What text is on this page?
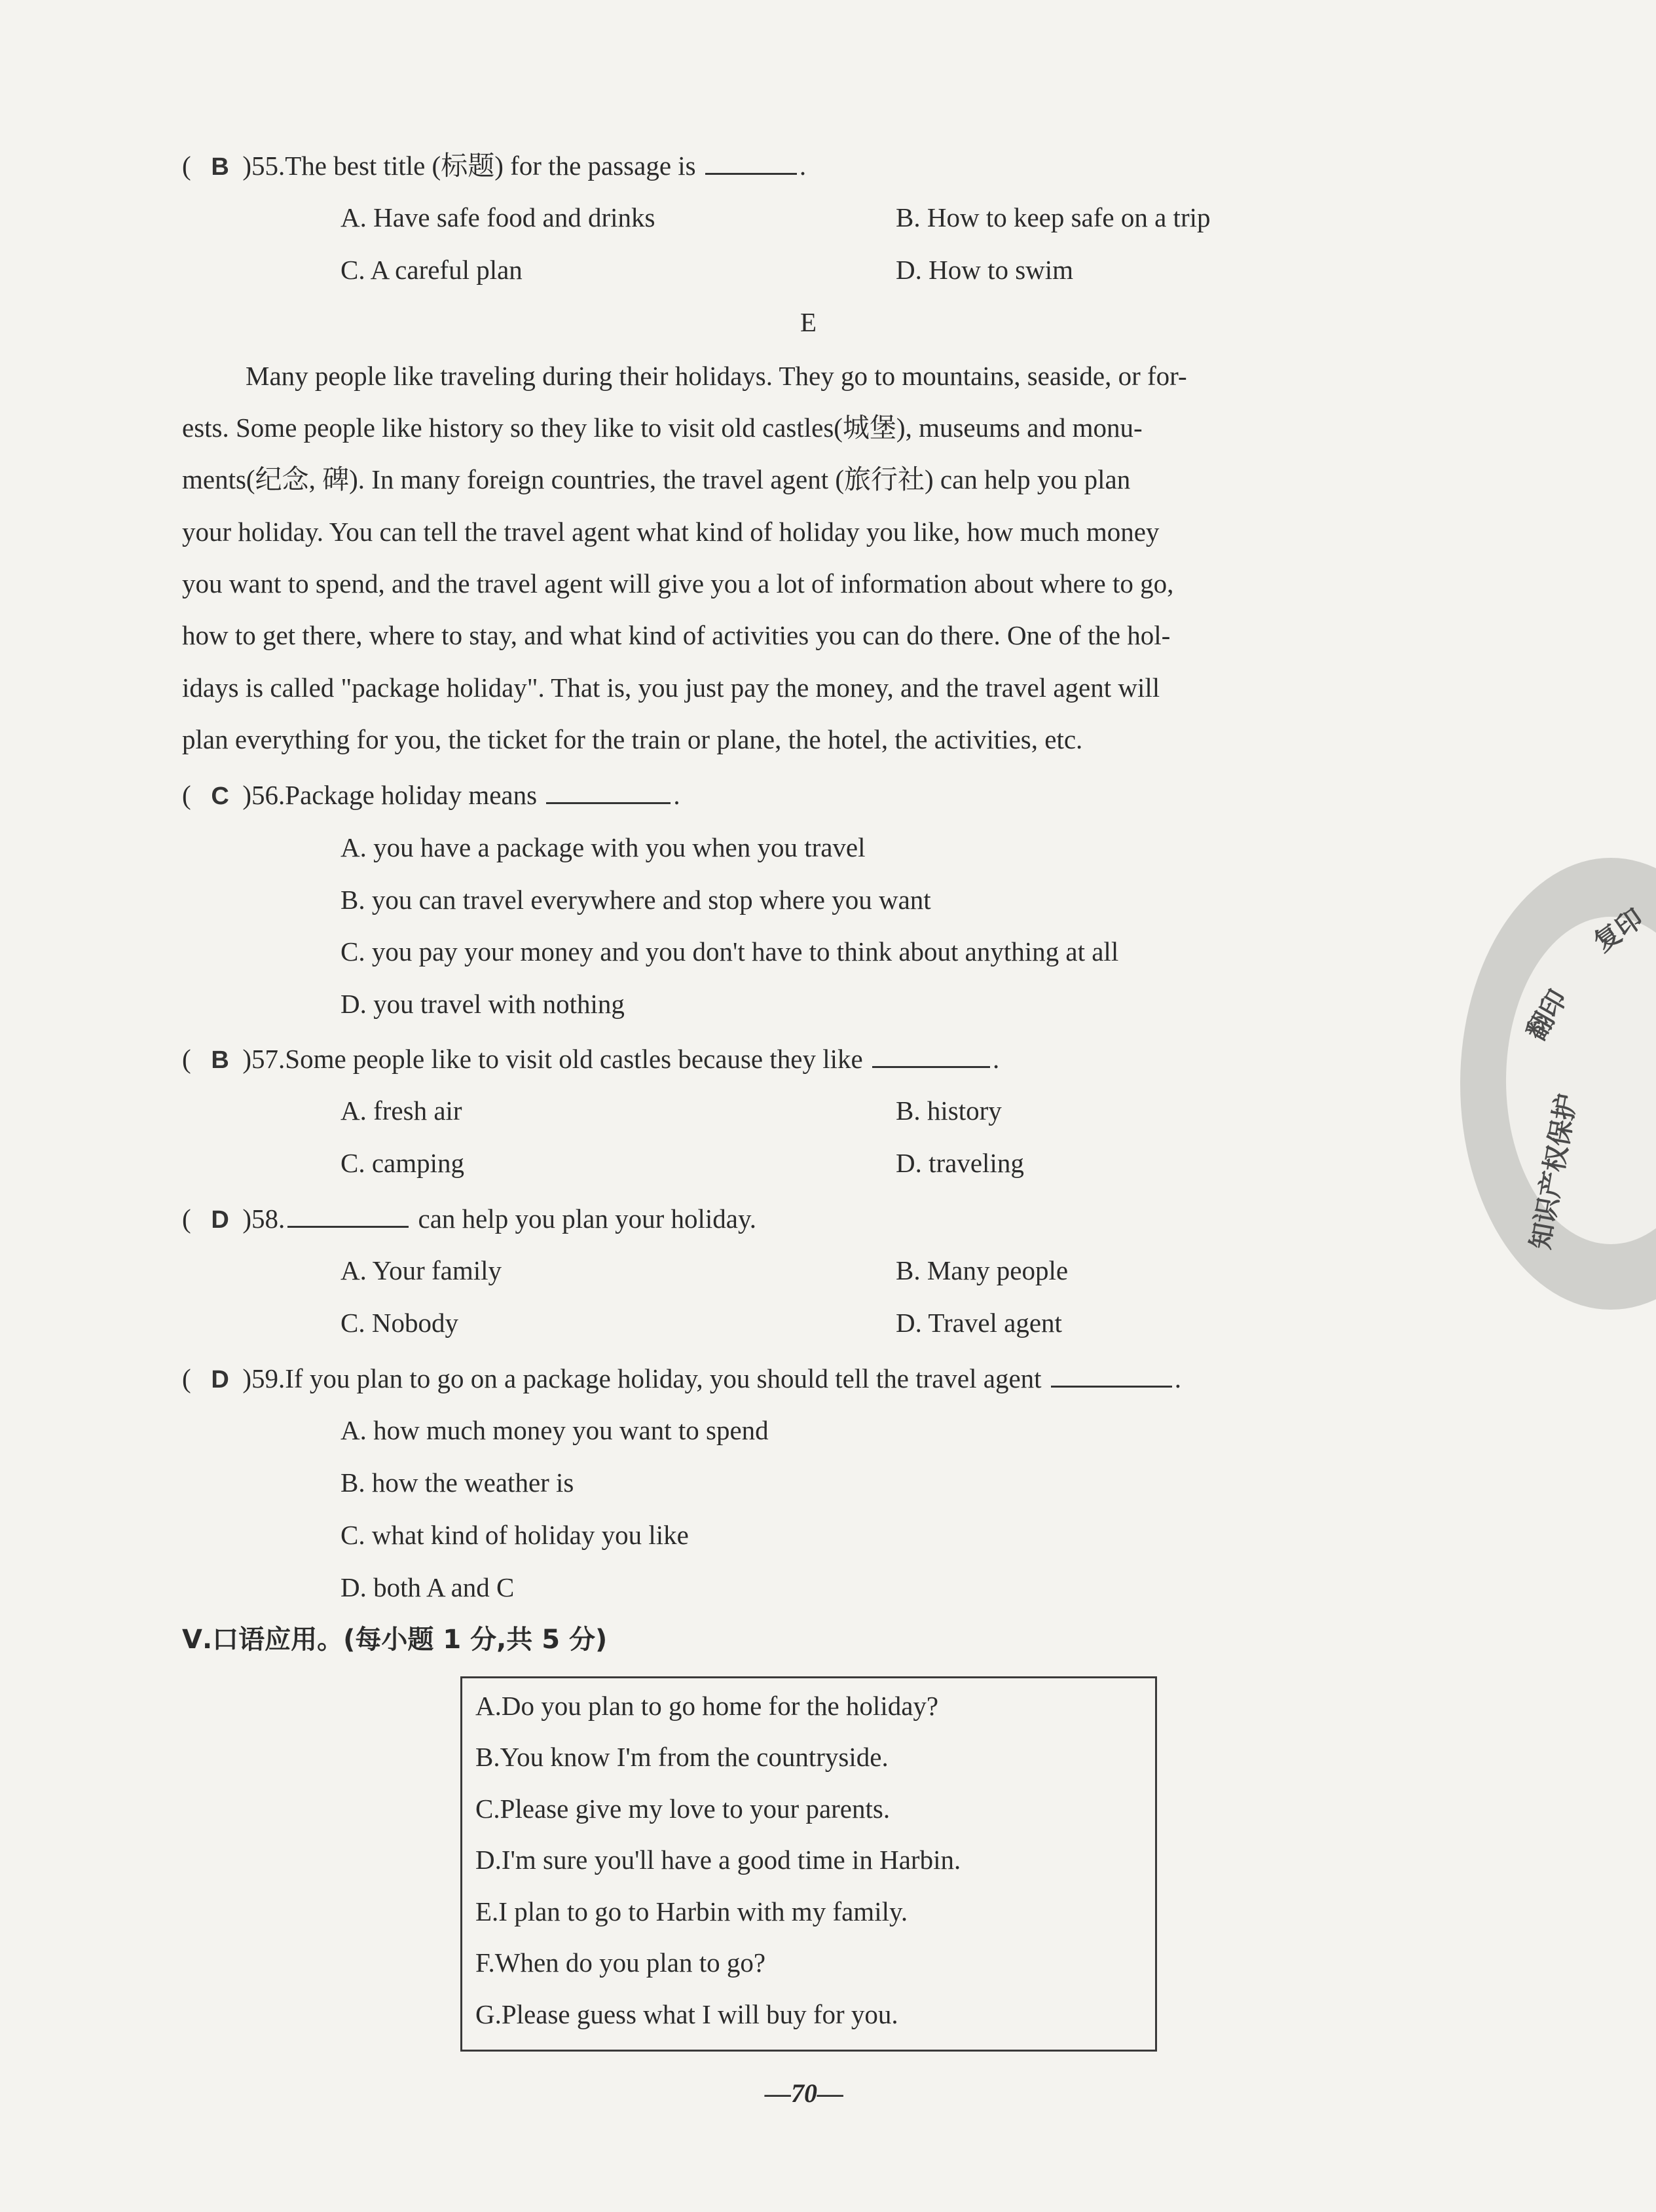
复印
翻印
知识产权保护
( B )55.The best title (标题) for the passage is	.
A. Have safe food and drinks	B. How to keep safe on a trip
C. A careful plan	D. How to swim
E
Many people like traveling during their holidays. They go to mountains, seaside, or for-
ests. Some people like history so they like to visit old castles(城堡), museums and monu-
ments(纪念, 碑). In many foreign countries, the travel agent (旅行社) can help you plan
your holiday. You can tell the travel agent what kind of holiday you like, how much money
you want to spend, and the travel agent will give you a lot of information about where to go,
how to get there, where to stay, and what kind of activities you can do there. One of the hol-
idays is called "package holiday". That is, you just pay the money, and the travel agent will
plan everything for you, the ticket for the train or plane, the hotel, the activities, etc.
( C )56.Package holiday means	.
A. you have a package with you when you travel
B. you can travel everywhere and stop where you want
C. you pay your money and you don't have to think about anything at all
D. you travel with nothing
( B )57.Some people like to visit old castles because they like	.
A. fresh air	B. history
C. camping	D. traveling
( D )58.	can help you plan your holiday.
A. Your family	B. Many people
C. Nobody	D. Travel agent
( D )59.If you plan to go on a package holiday, you should tell the travel agent	.
A. how much money you want to spend
B. how the weather is
C. what kind of holiday you like
D. both A and C
Ⅴ.口语应用。(每小题 1 分,共 5 分)
A.Do you plan to go home for the holiday?
B.You know I'm from the countryside.
C.Please give my love to your parents.
D.I'm sure you'll have a good time in Harbin.
E.I plan to go to Harbin with my family.
F.When do you plan to go?
G.Please guess what I will buy for you.
—70—
